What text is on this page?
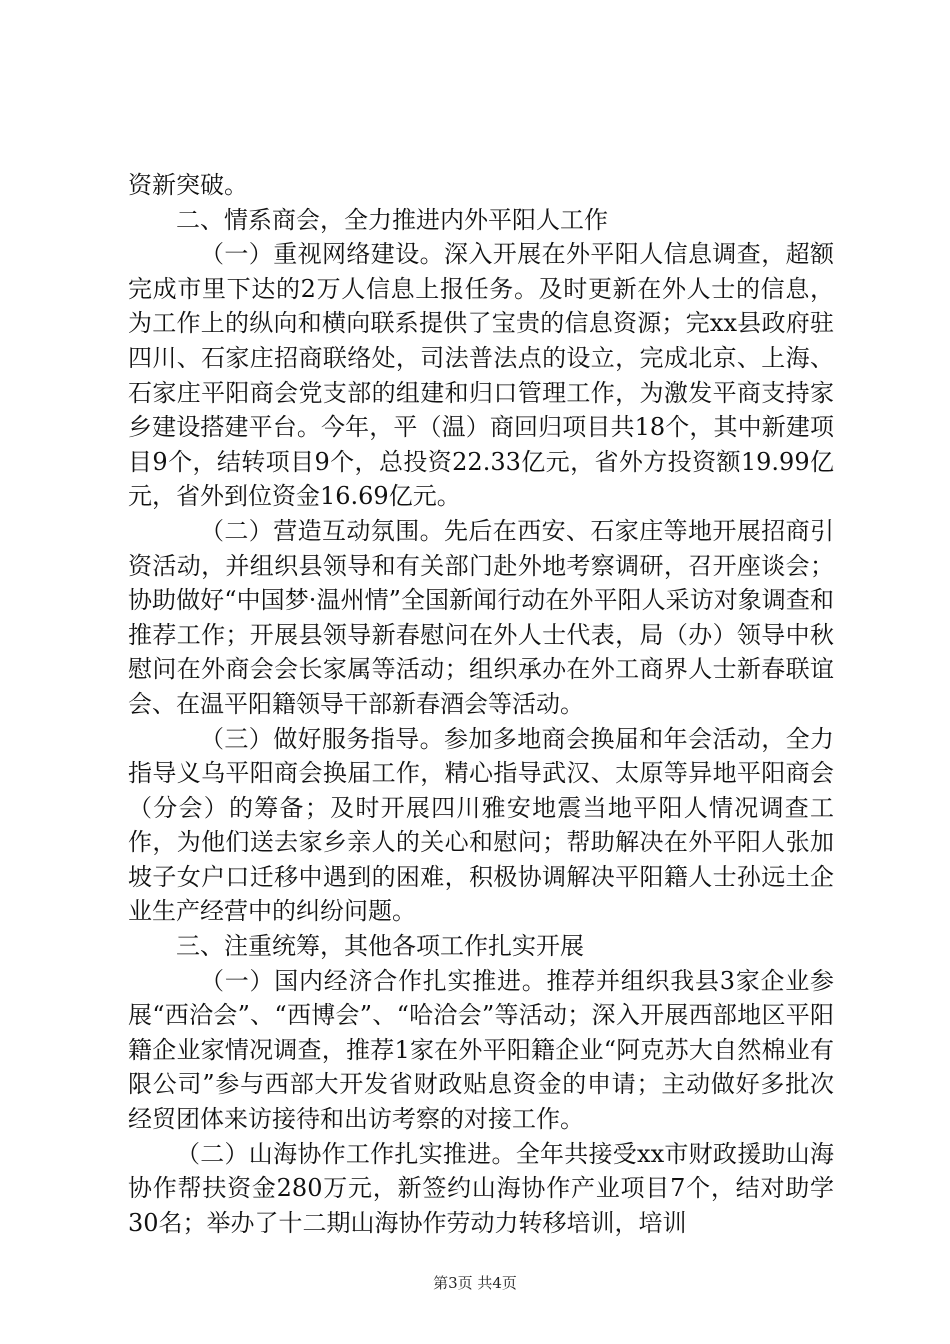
资新突破。

二、情系商会，全力推进内外平阳人工作

（一）重视网络建设。深入开展在外平阳人信息调查，超额完成市里下达的2万人信息上报任务。及时更新在外人士的信息，为工作上的纵向和横向联系提供了宝贵的信息资源；完xx县政府驻四川、石家庄招商联络处，司法普法点的设立，完成北京、上海、石家庄平阳商会党支部的组建和归口管理工作，为激发平商支持家乡建设搭建平台。今年，平（温）商回归项目共18个，其中新建项目9个，结转项目9个，总投资22.33亿元，省外方投资额19.99亿元，省外到位资金16.69亿元。

（二）营造互动氛围。先后在西安、石家庄等地开展招商引资活动，并组织县领导和有关部门赴外地考察调研，召开座谈会；协助做好“中国梦·温州情”全国新闻行动在外平阳人采访对象调查和推荐工作；开展县领导新春慰问在外人士代表，局（办）领导中秋慰问在外商会会长家属等活动；组织承办在外工商界人士新春联谊会、在温平阳籍领导干部新春酒会等活动。

（三）做好服务指导。参加多地商会换届和年会活动，全力指导义乌平阳商会换届工作，精心指导武汉、太原等异地平阳商会（分会）的筹备；及时开展四川雅安地震当地平阳人情况调查工作，为他们送去家乡亲人的关心和慰问；帮助解决在外平阳人张加坡子女户口迁移中遇到的困难，积极协调解决平阳籍人士孙远土企业生产经营中的纠纷问题。

三、注重统筹，其他各项工作扎实开展

（一）国内经济合作扎实推进。推荐并组织我县3家企业参展“西洽会”、“西博会”、“哈洽会”等活动；深入开展西部地区平阳籍企业家情况调查，推荐1家在外平阳籍企业“阿克苏大自然棉业有限公司”参与西部大开发省财政贴息资金的申请；主动做好多批次经贸团体来访接待和出访考察的对接工作。

（二）山海协作工作扎实推进。全年共接受xx市财政援助山海协作帮扶资金280万元，新签约山海协作产业项目7个，结对助学30名；举办了十二期山海协作劳动力转移培训，培训

第3页 共4页
